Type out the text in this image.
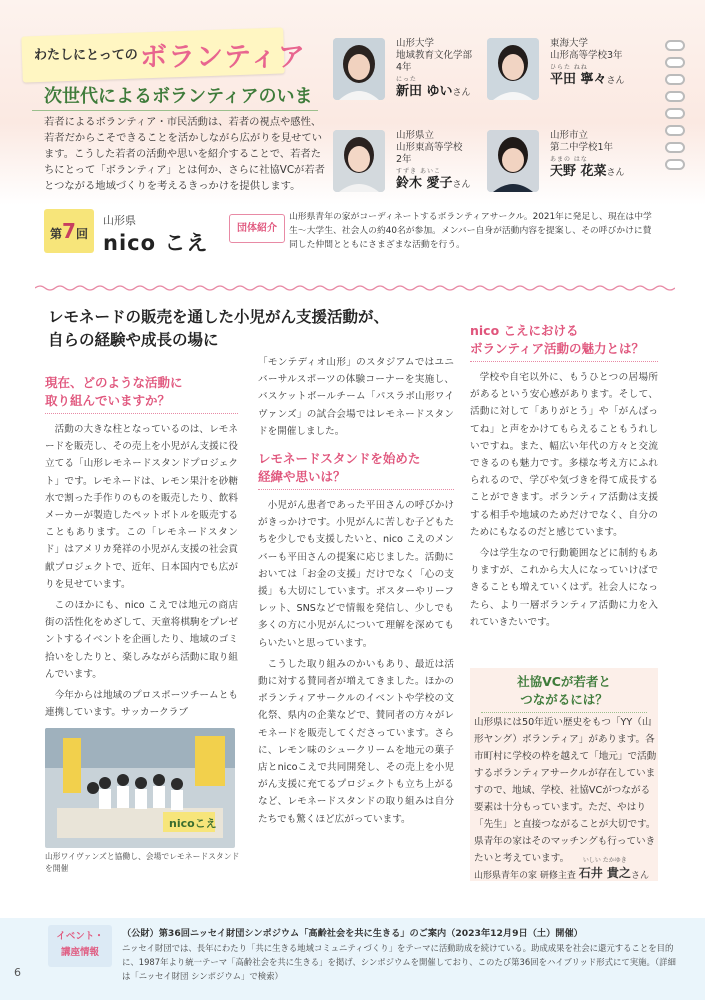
わたしにとっての ボランティア
次世代によるボランティアのいま
若者によるボランティア・市民活動は、若者の視点や感性、若者だからこそできることを活かしながら広がりを見せています。こうした若者の活動や思いを紹介することで、若者たちにとって「ボランティア」とは何か、さらに社協VCが若者とつながる地域づくりを考えるきっかけを提供します。
山形大学
地域教育文化学部
4年
にった
新田 ゆいさん
東海大学
山形高等学校3年
ひらた ねね
平田 寧々さん
山形県立
山形東高等学校
2年
すずき あいこ
鈴木 愛子さん
山形市立
第二中学校1年
あまの はな
天野 花菜さん
第7回
山形県
nico こえ
団体紹介
山形県青年の家がコーディネートするボランティアサークル。2021年に発足し、現在は中学生～大学生、社会人の約40名が参加。メンバー自身が活動内容を提案し、その呼びかけに賛同した仲間とともにさまざまな活動を行う。
レモネードの販売を通した小児がん支援活動が、
自らの経験や成長の場に
現在、どのような活動に
取り組んでいますか？

活動の大きな柱となっているのは、レモネードを販売し、その売上を小児がん支援に役立てる「山形レモネードスタンドプロジェクト」です。レモネードは、レモン果汁を砂糖水で割った手作りのものを販売したり、飲料メーカーが製造したペットボトルを販売することもあります。この「レモネードスタンド」はアメリカ発祥の小児がん支援の社会貢献プロジェクトで、近年、日本国内でも広がりを見せています。

このほかにも、nico こえでは地元の商店街の活性化をめざして、天童将棋駒をプレゼントするイベントを企画したり、地域のゴミ拾いをしたりと、楽しみながら活動に取り組んでいます。

今年からは地域のプロスポーツチームとも連携しています。サッカークラブ

nicoこえ
山形ワイヴァンズと協働し、会場でレモネードスタンドを開催

「モンテディオ山形」のスタジアムではユニバーサルスポーツの体験コーナーを実施し、バスケットボールチーム「パスラボ山形ワイヴァンズ」の試合会場ではレモネードスタンドを開催しました。

レモネードスタンドを始めた
経緯や思いは？

小児がん患者であった平田さんの呼びかけがきっかけです。小児がんに苦しむ子どもたちを少しでも支援したいと、nico こえのメンバーも平田さんの提案に応じました。活動においては「お金の支援」だけでなく「心の支援」も大切にしています。ポスターやリーフレット、SNSなどで情報を発信し、少しでも多くの方に小児がんについて理解を深めてもらいたいと思っています。

こうした取り組みのかいもあり、最近は活動に対する賛同者が増えてきました。ほかのボランティアサークルのイベントや学校の文化祭、県内の企業などで、賛同者の方々がレモネードを販売してくださっています。さらに、レモン味のシュークリームを地元の菓子店とnicoこえで共同開発し、その売上を小児がん支援に充てるプロジェクトも立ち上がるなど、レモネードスタンドの取り組みは自分たちでも驚くほど広がっています。

nico こえにおける
ボランティア活動の魅力とは？

学校や自宅以外に、もうひとつの居場所があるという安心感があります。そして、活動に対して「ありがとう」や「がんばってね」と声をかけてもらえることもうれしいですね。また、幅広い年代の方々と交流できるのも魅力です。多様な考え方にふれられるので、学びや気づきを得て成長することができます。ボランティア活動は支援する相手や地域のためだけでなく、自分のためにもなるのだと感じています。

今は学生なので行動範囲などに制約もありますが、これから大人になっていけばできることも増えていくはず。社会人になったら、より一層ボランティア活動に力を入れていきたいです。

社協VCが若者と
つながるには？
山形県には50年近い歴史をもつ「YY（山形ヤング）ボランティア」があります。各市町村に学校の枠を越えて「地元」で活動するボランティアサークルが存在していますので、地域、学校、社協VCがつながる要素は十分もっています。ただ、やはり「先生」と直接つながることが大切です。県青年の家はそのマッチングも行っていきたいと考えています。
山形県青年の家 研修主査
いしい たかゆき
石井 貴之さん
イベント・
講座情報
（公財）第36回ニッセイ財団シンポジウム「高齢社会を共に生きる」のご案内（2023年12月9日（土）開催）
ニッセイ財団では、長年にわたり「共に生きる地域コミュニティづくり」をテーマに活動助成を続けている。助成成果を社会に還元することを目的に、1987年より統一テーマ「高齢社会を共に生きる」を掲げ、シンポジウムを開催しており、このたび第36回をハイブリッド形式にて実施。（詳細は「ニッセイ財団 シンポジウム」で検索）
6
